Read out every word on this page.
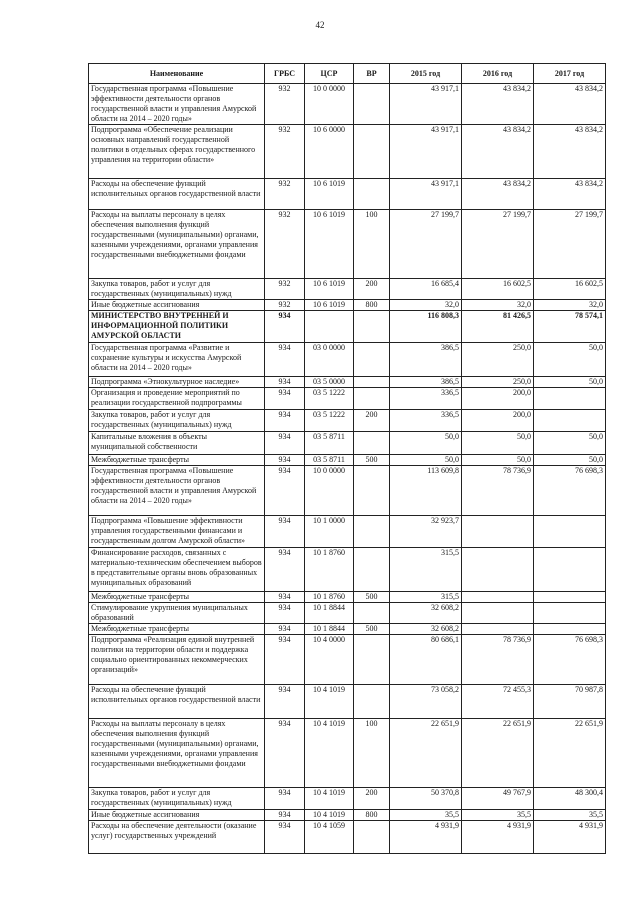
42
Наименование	ГРБС	ЦСР	ВР	2015 год	2016 год	2017 год
Государственная программа «Повышение эффективности деятельности органов государственной власти и управления Амурской области на 2014 – 2020 годы»	932	10 0 0000		43 917,1	43 834,2	43 834,2
Подпрограмма «Обеспечение реализации основных направлений государственной политики в отдельных сферах государственного управления на территории области»	932	10 6 0000		43 917,1	43 834,2	43 834,2
Расходы на обеспечение функций исполнительных органов государственной власти	932	10 6 1019		43 917,1	43 834,2	43 834,2
Расходы на выплаты персоналу в целях обеспечения выполнения функций государственными (муниципальными) органами, казенными учреждениями, органами управления государственными внебюджетными фондами	932	10 6 1019	100	27 199,7	27 199,7	27 199,7
Закупка товаров, работ и услуг для государственных (муниципальных) нужд	932	10 6 1019	200	16 685,4	16 602,5	16 602,5
Иные бюджетные ассигнования	932	10 6 1019	800	32,0	32,0	32,0
МИНИСТЕРСТВО ВНУТРЕННЕЙ И ИНФОРМАЦИОННОЙ ПОЛИТИКИ АМУРСКОЙ ОБЛАСТИ	934			116 808,3	81 426,5	78 574,1
Государственная программа «Развитие и сохранение культуры и искусства Амурской области на 2014 – 2020 годы»	934	03 0 0000		386,5	250,0	50,0
Подпрограмма «Этнокультурное наследие»	934	03 5 0000		386,5	250,0	50,0
Организация и проведение мероприятий по реализации государственной подпрограммы	934	03 5 1222		336,5	200,0	
Закупка товаров, работ и услуг для государственных (муниципальных) нужд	934	03 5 1222	200	336,5	200,0	
Капитальные вложения в объекты муниципальной собственности	934	03 5 8711		50,0	50,0	50,0
Межбюджетные трансферты	934	03 5 8711	500	50,0	50,0	50,0
Государственная программа «Повышение эффективности деятельности органов государственной власти и управления Амурской области на 2014 – 2020 годы»	934	10 0 0000		113 609,8	78 736,9	76 698,3
Подпрограмма «Повышение эффективности управления государственными финансами и государственным долгом Амурской области»	934	10 1 0000		32 923,7		
Финансирование расходов, связанных с материально-техническим обеспечением выборов в представительные органы вновь образованных муниципальных образований	934	10 1 8760		315,5		
Межбюджетные трансферты	934	10 1 8760	500	315,5		
Стимулирование укрупнения муниципальных образований	934	10 1 8844		32 608,2		
Межбюджетные трансферты	934	10 1 8844	500	32 608,2		
Подпрограмма «Реализация единой внутренней политики на территории области и поддержка социально ориентированных некоммерческих организаций»	934	10 4 0000		80 686,1	78 736,9	76 698,3
Расходы на обеспечение функций исполнительных органов государственной власти	934	10 4 1019		73 058,2	72 455,3	70 987,8
Расходы на выплаты персоналу в целях обеспечения выполнения функций государственными (муниципальными) органами, казенными учреждениями, органами управления государственными внебюджетными фондами	934	10 4 1019	100	22 651,9	22 651,9	22 651,9
Закупка товаров, работ и услуг для государственных (муниципальных) нужд	934	10 4 1019	200	50 370,8	49 767,9	48 300,4
Иные бюджетные ассигнования	934	10 4 1019	800	35,5	35,5	35,5
Расходы на обеспечение деятельности (оказание услуг) государственных учреждений	934	10 4 1059		4 931,9	4 931,9	4 931,9
